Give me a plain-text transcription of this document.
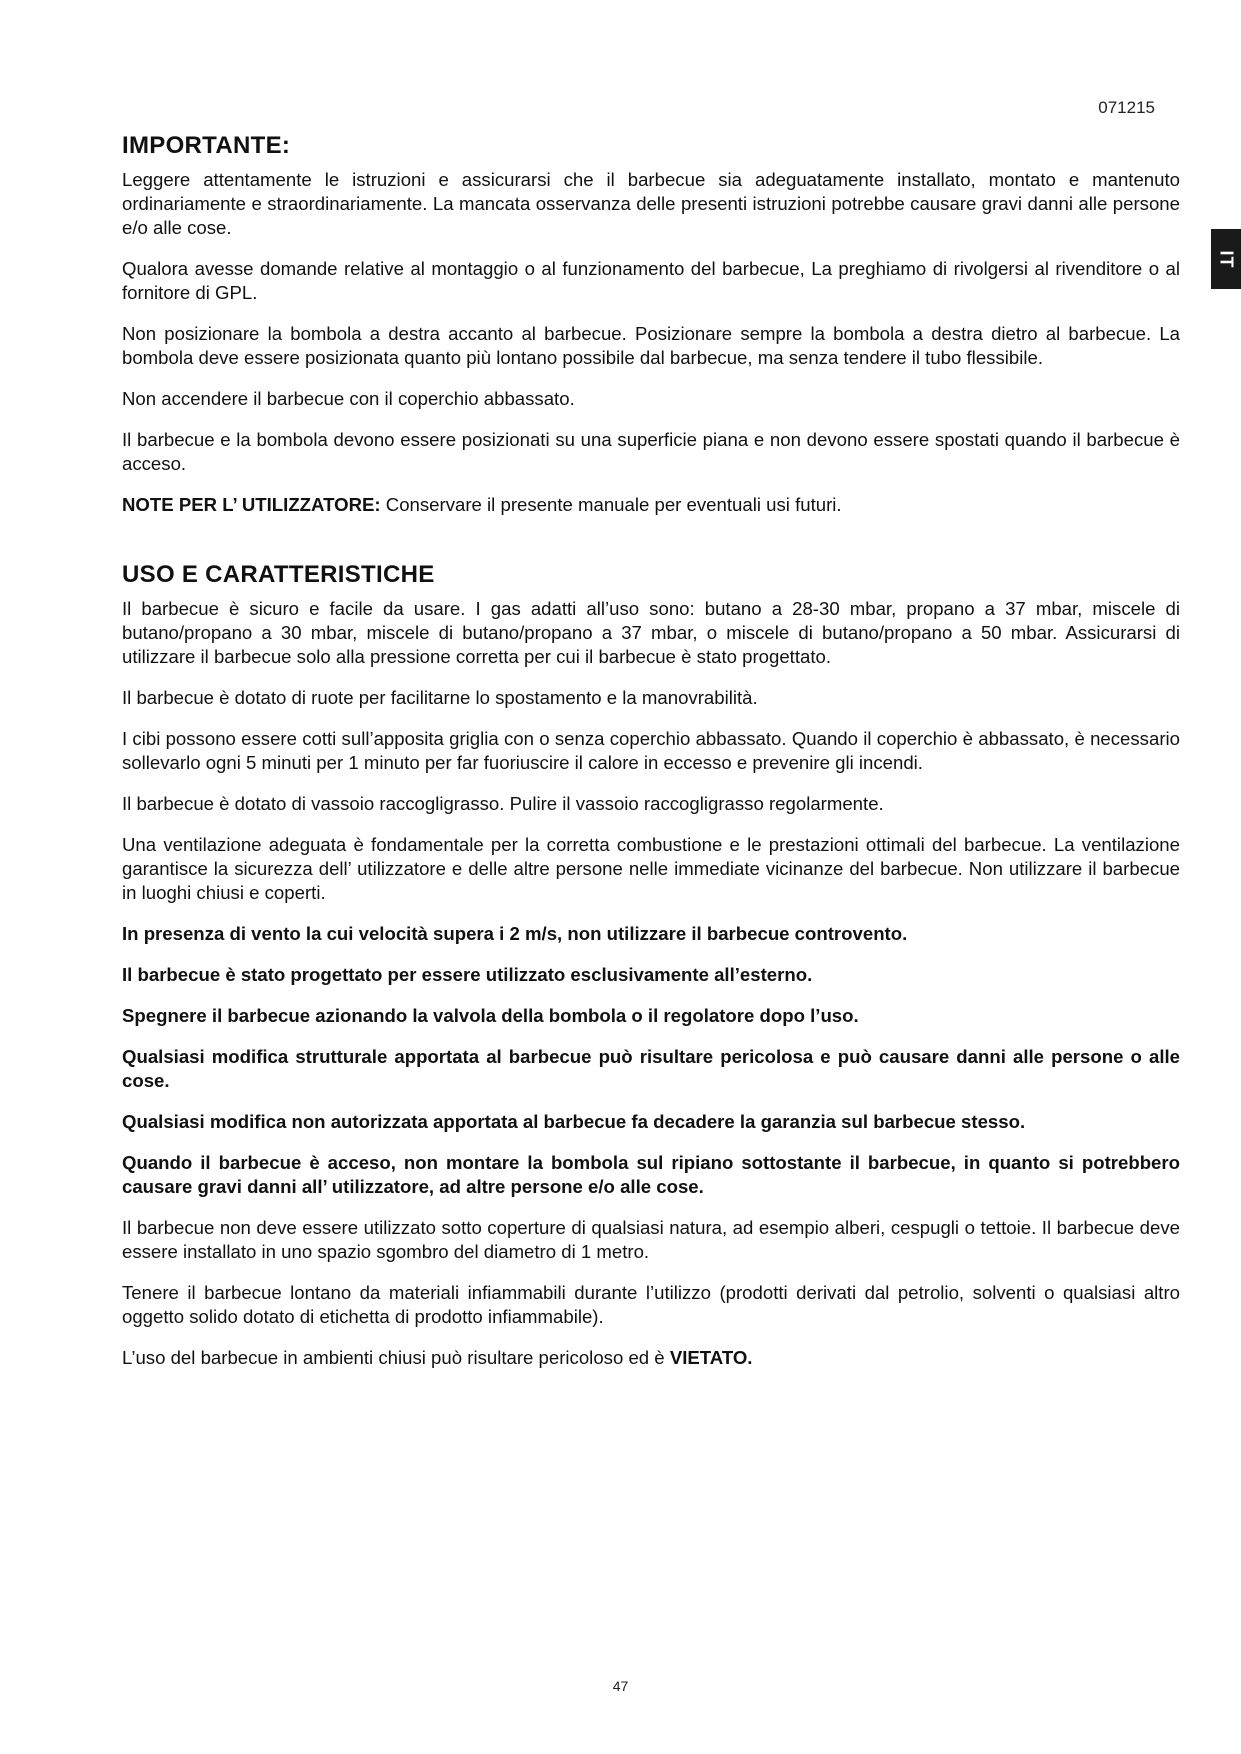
071215
IT
IMPORTANTE:

Leggere attentamente le istruzioni e assicurarsi che il barbecue sia adeguatamente installato, montato e mantenuto ordinariamente e straordinariamente. La mancata osservanza delle presenti istruzioni potrebbe causare gravi danni alle persone e/o alle cose.

Qualora avesse domande relative al montaggio o al funzionamento del barbecue, La preghiamo di rivolgersi al rivenditore o al fornitore di GPL.

Non posizionare la bombola a destra accanto al barbecue. Posizionare sempre la bombola a destra dietro al barbecue. La bombola deve essere posizionata quanto più lontano possibile dal barbecue, ma senza tendere il tubo flessibile.

Non accendere il barbecue con il coperchio abbassato.

Il barbecue e la bombola devono essere posizionati su una superficie piana e non devono essere spostati quando il barbecue è acceso.

NOTE PER L’ UTILIZZATORE: Conservare il presente manuale per eventuali usi futuri.

USO E CARATTERISTICHE

Il barbecue è sicuro e facile da usare. I gas adatti all’uso sono: butano a 28-30 mbar, propano a 37 mbar, miscele di butano/propano a 30 mbar, miscele di butano/propano a 37 mbar, o miscele di butano/propano a 50 mbar. Assicurarsi di utilizzare il barbecue solo alla pressione corretta per cui il barbecue è stato progettato.

Il barbecue è dotato di ruote per facilitarne lo spostamento e la manovrabilità.

I cibi possono essere cotti sull’apposita griglia con o senza coperchio abbassato. Quando il coperchio è abbassato, è necessario sollevarlo ogni 5 minuti per 1 minuto per far fuoriuscire il calore in eccesso e prevenire gli incendi.

Il barbecue è dotato di vassoio raccogligrasso. Pulire il vassoio raccogligrasso regolarmente.

Una ventilazione adeguata è fondamentale per la corretta combustione e le prestazioni ottimali del barbecue. La ventilazione garantisce la sicurezza dell’ utilizzatore e delle altre persone nelle immediate vicinanze del barbecue. Non utilizzare il barbecue in luoghi chiusi e coperti.

In presenza di vento la cui velocità supera i 2 m/s, non utilizzare il barbecue controvento.

Il barbecue è stato progettato per essere utilizzato esclusivamente all’esterno.

Spegnere il barbecue azionando la valvola della bombola o il regolatore dopo l’uso.

Qualsiasi modifica strutturale apportata al barbecue può risultare pericolosa e può causare danni alle persone o alle cose.

Qualsiasi modifica non autorizzata apportata al barbecue fa decadere la garanzia sul barbecue stesso.

Quando il barbecue è acceso, non montare la bombola sul ripiano sottostante il barbecue, in quanto si potrebbero causare gravi danni all’ utilizzatore, ad altre persone e/o alle cose.

Il barbecue non deve essere utilizzato sotto coperture di qualsiasi natura, ad esempio alberi, cespugli o tettoie. Il barbecue deve essere installato in uno spazio sgombro del diametro di 1 metro.

Tenere il barbecue lontano da materiali infiammabili durante l’utilizzo (prodotti derivati dal petrolio, solventi o qualsiasi altro oggetto solido dotato di etichetta di prodotto infiammabile).

L’uso del barbecue in ambienti chiusi può risultare pericoloso ed è VIETATO.

47
